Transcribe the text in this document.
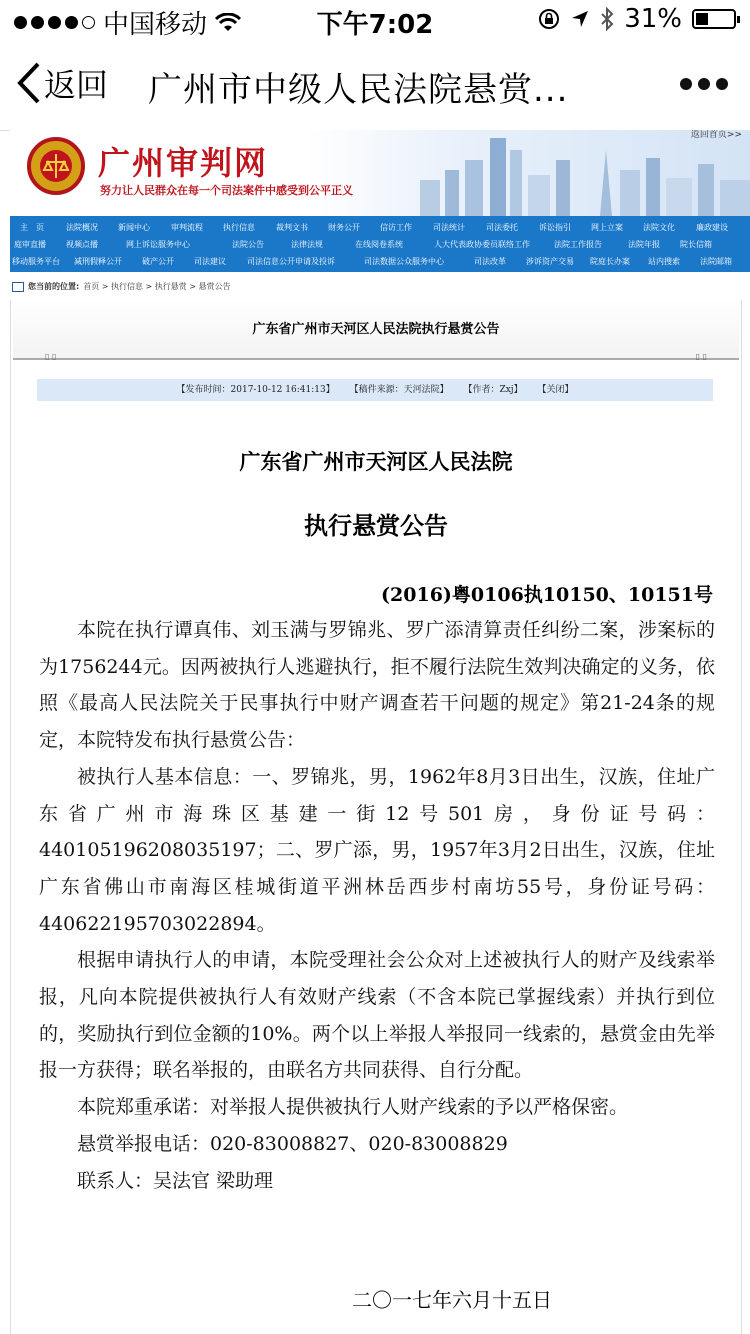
中国移动	下午7:02	31%
返回 广州市中级人民法院悬赏...
广州审判网
努力让人民群众在每一个司法案件中感受到公平正义
返回首页>>
主　页	法院概况	新闻中心	审判流程	执行信息	裁判文书	财务公开	信访工作	司法统计	司法委托	诉讼指引	网上立案	法院文化	廉政建设
庭审直播	视频点播	网上诉讼服务中心	法院公告	法律法规	在线阅卷系统	人大代表政协委员联络工作	法院工作报告	法院年报	院长信箱
移动服务平台 减刑假释公开	破产公开	司法建议	司法信息公开申请及投诉	司法数据公众服务中心	司法改革	涉诉资产交易 院庭长办案 站内搜索	法院邮箱
您当前的位置: 首页 > 执行信息 > 执行悬赏 > 悬赏公告
广东省广州市天河区人民法院执行悬赏公告
▯ ▯	▯ ▯
【发布时间：2017-10-12 16:41:13】 【稿件来源：天河法院】 【作者：Zxj】 【关闭】
广东省广州市天河区人民法院
执行悬赏公告
(2016)粤0106执10150、10151号

本院在执行谭真伟、刘玉满与罗锦兆、罗广添清算责任纠纷二案，涉案标的为1756244元。因两被执行人逃避执行，拒不履行法院生效判决确定的义务，依照《最高人民法院关于民事执行中财产调查若干问题的规定》第21-24条的规定，本院特发布执行悬赏公告：

被执行人基本信息：一、罗锦兆，男，1962年8月3日出生，汉族，住址广东省广州市海珠区基建一街12号501房，身份证号码：440105196208035197；二、罗广添，男，1957年3月2日出生，汉族，住址广东省佛山市南海区桂城街道平洲林岳西步村南坊55号，身份证号码：440622195703022894。

根据申请执行人的申请，本院受理社会公众对上述被执行人的财产及线索举报，凡向本院提供被执行人有效财产线索（不含本院已掌握线索）并执行到位的，奖励执行到位金额的10%。两个以上举报人举报同一线索的，悬赏金由先举报一方获得；联名举报的，由联名方共同获得、自行分配。

本院郑重承诺：对举报人提供被执行人财产线索的予以严格保密。

悬赏举报电话：020-83008827、020-83008829

联系人：吴法官 梁助理

二〇一七年六月十五日
